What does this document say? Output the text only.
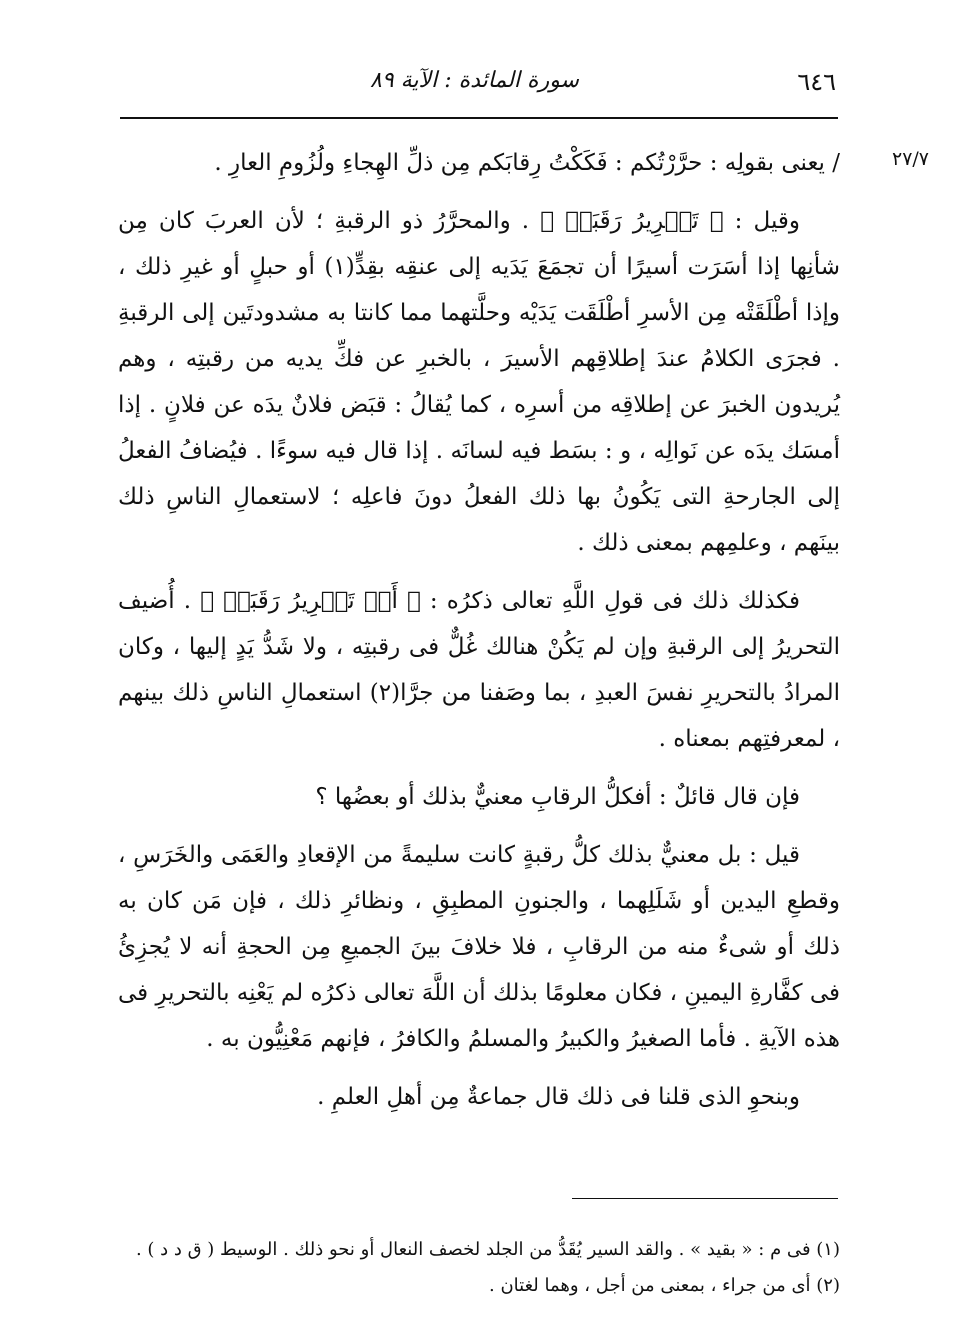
٦٤٦
سورة المائدة : الآية ٨٩
٢٧/٧

/ يعنى بقولِه : حرَّرْتُكم : فَكَكْتُ رِقابَكم مِن ذلِّ الهِجاءِ ولُزُومِ العارِ .

وقيل : ﴿ تَحۡرِيرُ رَقَبَةٖ ﴾ . والمحرَّرُ ذو الرقبةِ ؛ لأن العربَ كان مِن شأنِها إذا أسَرَت أسيرًا أن تجمَعَ يَدَيه إلى عنقِه بقِدٍّ(١) أو حبلٍ أو غيرِ ذلك ، وإذا أطْلَقَتْه مِن الأسرِ أطْلَقَت يَدَيْه وحلَّتهما مما كانتا به مشدودتَين إلى الرقبةِ . فجرَى الكلامُ عندَ إطلاقِهم الأسيرَ ، بالخبرِ عن فكِّ يديه من رقبتِه ، وهم يُريدون الخبرَ عن إطلاقِه من أسرِه ، كما يُقالُ : قبَض فلانٌ يدَه عن فلانٍ . إذا أمسَك يدَه عن نَوالِه ، و : بسَط فيه لسانَه . إذا قال فيه سوءًا . فيُضافُ الفعلُ إلى الجارحةِ التى يَكُونُ بها ذلك الفعلُ دونَ فاعلِه ؛ لاستعمالِ الناسِ ذلك بينَهم ، وعلمِهم بمعنى ذلك .

فكذلك ذلك فى قولِ اللَّهِ تعالى ذكرُه : ﴿ أَوۡ تَحۡرِيرُ رَقَبَةٖ ﴾ . أُضيف التحريرُ إلى الرقبةِ وإن لم يَكُنْ هنالك غُلٌّ فى رقبتِه ، ولا شَدُّ يَدٍ إليها ، وكان المرادُ بالتحريرِ نفسَ العبدِ ، بما وصَفنا من جرَّا(٢) استعمالِ الناسِ ذلك بينهم ، لمعرفتِهم بمعناه .

فإن قال قائلٌ : أفكلُّ الرقابِ معنيٌّ بذلك أو بعضُها ؟

قيل : بل معنيٌّ بذلك كلُّ رقبةٍ كانت سليمةً من الإقعادِ والعَمَى والخَرَسِ ، وقطعِ اليدين أو شَلَلِهما ، والجنونِ المطبِقِ ، ونظائرِ ذلك ، فإن مَن كان به ذلك أو شىءٌ منه من الرقابِ ، فلا خلافَ بينَ الجميعِ مِن الحجةِ أنه لا يُجزِئُ فى كفَّارةِ اليمينِ ، فكان معلومًا بذلك أن اللَّهَ تعالى ذكرُه لم يَعْنِه بالتحريرِ فى هذه الآيةِ . فأما الصغيرُ والكبيرُ والمسلمُ والكافرُ ، فإنهم مَعْنِيُّون به .

وبنحوِ الذى قلنا فى ذلك قال جماعةٌ مِن أهلِ العلمِ .

(١) فى م : « بقيد » . والقد السير يُقَدُّ من الجلد لخصف النعال أو نحو ذلك . الوسيط ( ق د د ) .

(٢) أى من جراء ، بمعنى من أجل ، وهما لغتان .
